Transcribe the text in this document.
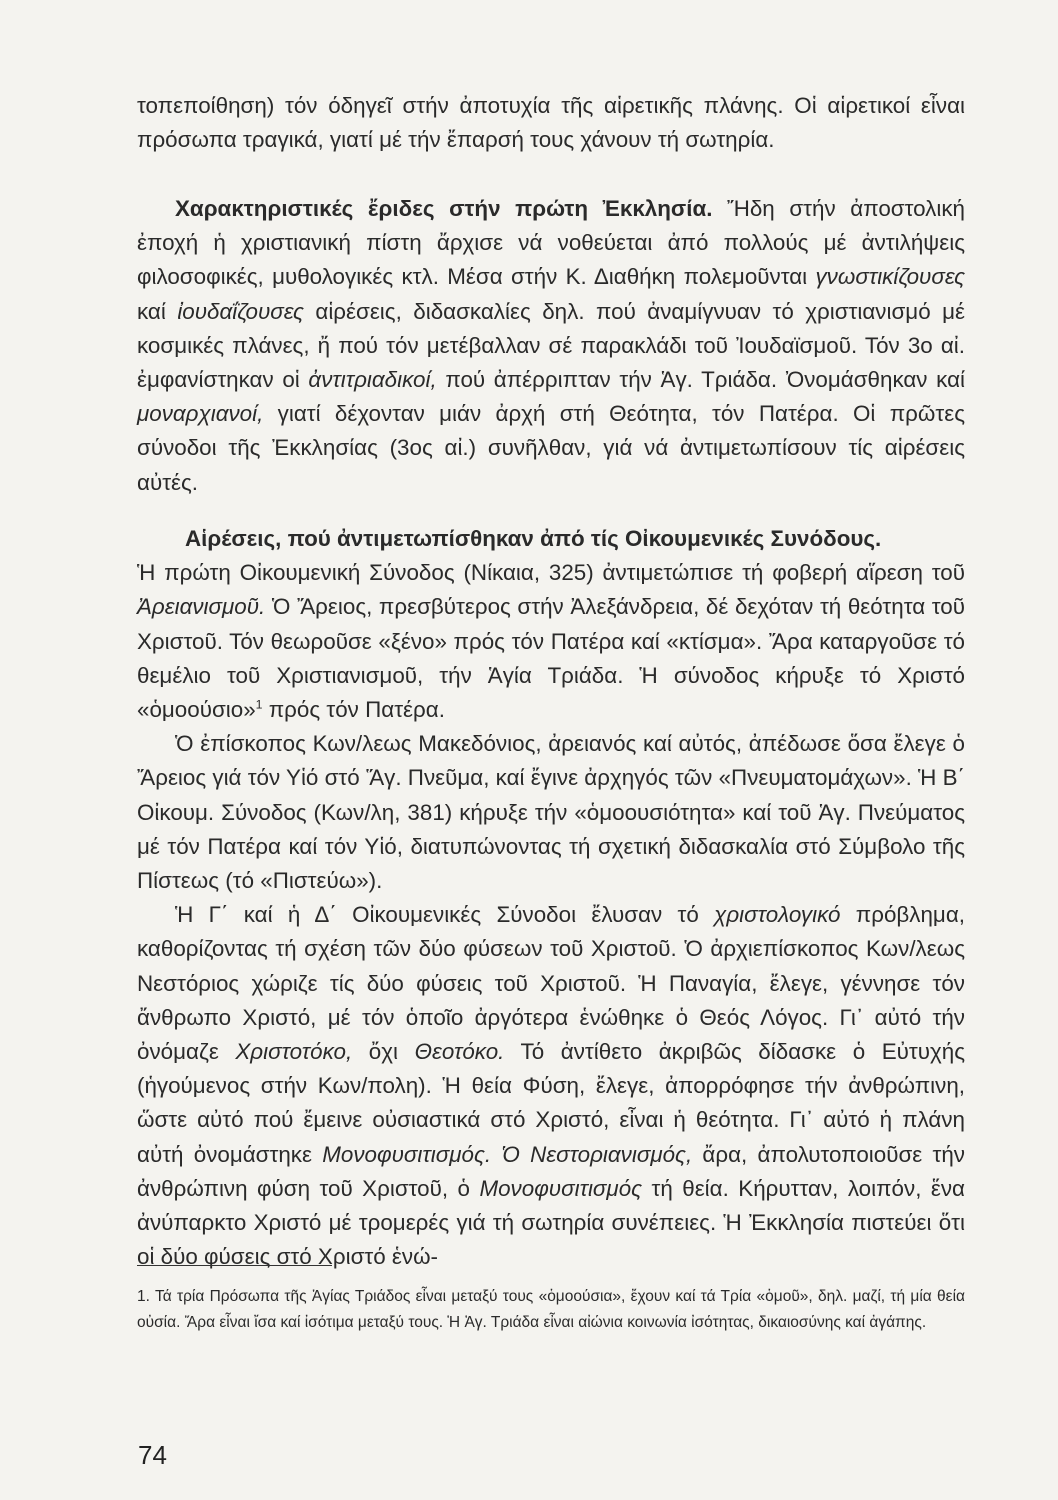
τοπεποίθηση) τόν όδηγεῖ στήν ἀποτυχία τῆς αἱρετικῆς πλάνης. Οἱ αἱρετικοί εἶναι πρόσωπα τραγικά, γιατί μέ τήν ἔπαρσή τους χάνουν τή σωτηρία.

Χαρακτηριστικές ἔριδες στήν πρώτη Ἐκκλησία. Ἤδη στήν ἀποστολική ἐποχή ἡ χριστιανική πίστη ἄρχισε νά νοθεύεται ἀπό πολλούς μέ ἀντιλήψεις φιλοσοφικές, μυθολογικές κτλ. Μέσα στήν Κ. Διαθήκη πολεμοῦνται γνωστικίζουσες καί ἰουδαΐζουσες αἱρέσεις, διδασκαλίες δηλ. πού ἀναμίγνυαν τό χριστιανισμό μέ κοσμικές πλάνες, ἤ πού τόν μετέβαλλαν σέ παρακλάδι τοῦ Ἰουδαϊσμοῦ. Τόν 3ο αἰ. ἐμφανίστηκαν οἱ ἀντιτριαδικοί, πού ἀπέρριπταν τήν Ἁγ. Τριάδα. Ὀνομάσθηκαν καί μοναρχιανοί, γιατί δέχονταν μιάν ἀρχή στή Θεότητα, τόν Πατέρα. Οἱ πρῶτες σύνοδοι τῆς Ἐκκλησίας (3ος αἰ.) συνῆλθαν, γιά νά ἀντιμετωπίσουν τίς αἱρέσεις αὐτές.

Αἱρέσεις, πού ἀντιμετωπίσθηκαν ἀπό τίς Οἰκουμενικές Συνόδους.

Ἡ πρώτη Οἰκουμενική Σύνοδος (Νίκαια, 325) ἀντιμετώπισε τή φοβερή αἵρεση τοῦ Ἀρειανισμοῦ. Ὁ Ἄρειος, πρεσβύτερος στήν Ἀλεξάνδρεια, δέ δεχόταν τή θεότητα τοῦ Χριστοῦ. Τόν θεωροῦσε «ξένο» πρός τόν Πατέρα καί «κτίσμα». Ἄρα καταργοῦσε τό θεμέλιο τοῦ Χριστιανισμοῦ, τήν Ἁγία Τριάδα. Ἡ σύνοδος κήρυξε τό Χριστό «ὁμοούσιο»$^1$ πρός τόν Πατέρα.

Ὁ ἐπίσκοπος Κων/λεως Μακεδόνιος, ἀρειανός καί αὐτός, ἀπέδωσε ὅσα ἔλεγε ὁ Ἄρειος γιά τόν Υἱό στό Ἅγ. Πνεῦμα, καί ἔγινε ἀρχηγός τῶν «Πνευματομάχων». Ἡ Β΄ Οἰκουμ. Σύνοδος (Κων/λη, 381) κήρυξε τήν «ὁμοουσιότητα» καί τοῦ Ἁγ. Πνεύματος μέ τόν Πατέρα καί τόν Υἱό, διατυπώνοντας τή σχετική διδασκαλία στό Σύμβολο τῆς Πίστεως (τό «Πιστεύω»).

Ἡ Γ΄ καί ἡ Δ΄ Οἰκουμενικές Σύνοδοι ἔλυσαν τό χριστολογικό πρόβλημα, καθορίζοντας τή σχέση τῶν δύο φύσεων τοῦ Χριστοῦ. Ὁ ἀρχιεπίσκοπος Κων/λεως Νεστόριος χώριζε τίς δύο φύσεις τοῦ Χριστοῦ. Ἡ Παναγία, ἔλεγε, γέννησε τόν ἄνθρωπο Χριστό, μέ τόν ὁποῖο ἀργότερα ἑνώθηκε ὁ Θεός Λόγος. Γι᾿ αὐτό τήν ὀνόμαζε Χριστοτόκο, ὄχι Θεοτόκο. Τό ἀντίθετο ἀκριβῶς δίδασκε ὁ Εὐτυχής (ἡγούμενος στήν Κων/πολη). Ἡ θεία Φύση, ἔλεγε, ἀπορρόφησε τήν ἀνθρώπινη, ὥστε αὐτό πού ἔμεινε οὐσιαστικά στό Χριστό, εἶναι ἡ θεότητα. Γι᾿ αὐτό ἡ πλάνη αὐτή ὀνομάστηκε Μονοφυσιτισμός. Ὁ Νεστοριανισμός, ἄρα, ἀπολυτοποιοῦσε τήν ἀνθρώπινη φύση τοῦ Χριστοῦ, ὁ Μονοφυσιτισμός τή θεία. Κήρυτταν, λοιπόν, ἕνα ἀνύπαρκτο Χριστό μέ τρομερές γιά τή σωτηρία συνέπειες. Ἡ Ἐκκλησία πιστεύει ὅτι οἱ δύο φύσεις στό Χριστό ἑνώ-

1. Τά τρία Πρόσωπα τῆς Ἁγίας Τριάδος εἶναι μεταξύ τους «ὁμοούσια», ἔχουν καί τά Τρία «ὁμοῦ», δηλ. μαζί, τή μία θεία οὐσία. Ἄρα εἶναι ἴσα καί ἰσότιμα μεταξύ τους. Ἡ Ἁγ. Τριάδα εἶναι αἰώνια κοινωνία ἰσότητας, δικαιοσύνης καί ἀγάπης.

74
